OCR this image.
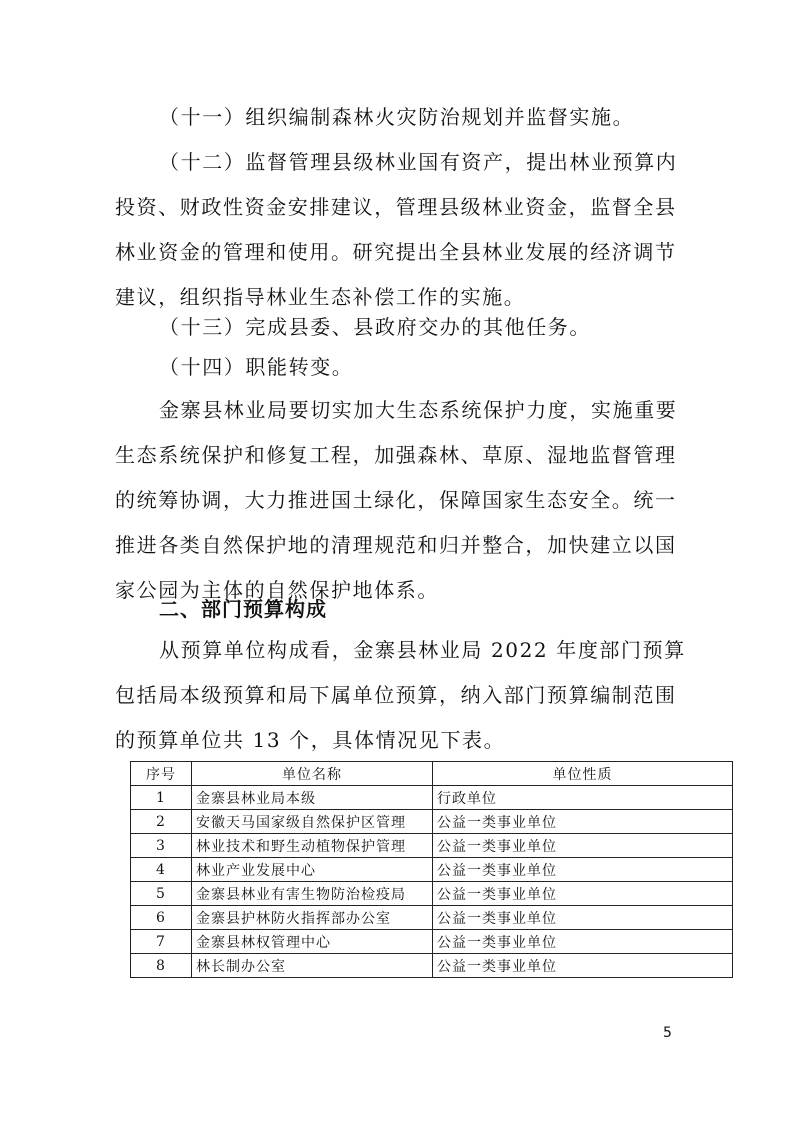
（十一）组织编制森林火灾防治规划并监督实施。

（十二）监督管理县级林业国有资产，提出林业预算内
投资、财政性资金安排建议，管理县级林业资金，监督全县
林业资金的管理和使用。研究提出全县林业发展的经济调节
建议，组织指导林业生态补偿工作的实施。

（十三）完成县委、县政府交办的其他任务。

（十四）职能转变。

金寨县林业局要切实加大生态系统保护力度，实施重要
生态系统保护和修复工程，加强森林、草原、湿地监督管理
的统筹协调，大力推进国土绿化，保障国家生态安全。统一
推进各类自然保护地的清理规范和归并整合，加快建立以国
家公园为主体的自然保护地体系。

二、部门预算构成

从预算单位构成看，金寨县林业局 2022 年度部门预算
包括局本级预算和局下属单位预算，纳入部门预算编制范围
的预算单位共 13 个，具体情况见下表。

序号	单位名称	单位性质
1	金寨县林业局本级	行政单位
2	安徽天马国家级自然保护区管理	公益一类事业单位
3	林业技术和野生动植物保护管理	公益一类事业单位
4	林业产业发展中心	公益一类事业单位
5	金寨县林业有害生物防治检疫局	公益一类事业单位
6	金寨县护林防火指挥部办公室	公益一类事业单位
7	金寨县林权管理中心	公益一类事业单位
8	林长制办公室	公益一类事业单位
5
